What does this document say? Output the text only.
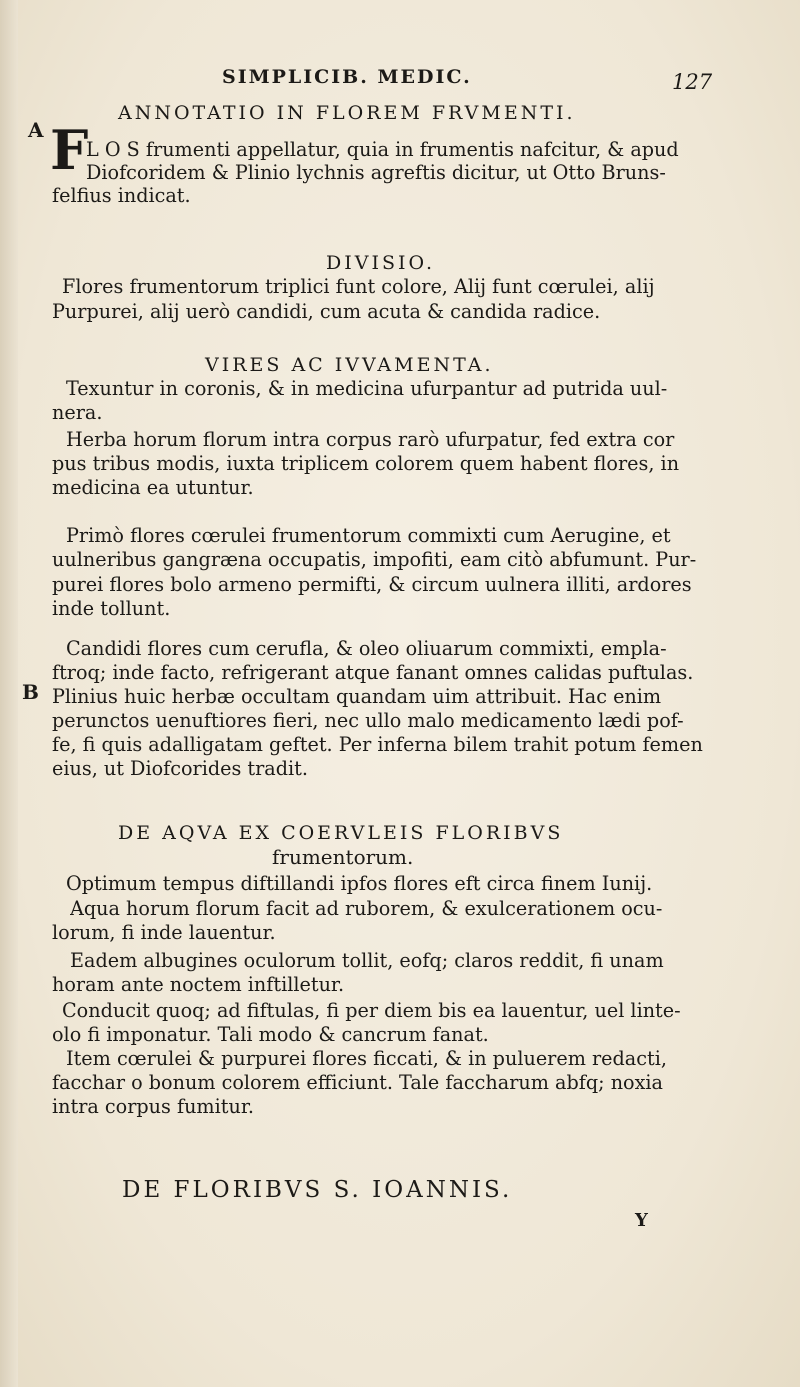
SIMPLICIB. MEDIC.	127
A
B
ANNOTATIO IN FLOREM FRVMENTI.
F
L O S frumenti appellatur, quia in frumentis nafcitur, & apud
Diofcoridem & Plinio lychnis agreftis dicitur, ut Otto Bruns-
felfius indicat.
DIVISIO.
Flores frumentorum triplici funt colore, Alij funt cœrulei, alij
Purpurei, alij uerò candidi, cum acuta & candida radice.
VIRES AC IVVAMENTA.
Texuntur in coronis, & in medicina ufurpantur ad putrida uul-
nera.
Herba horum florum intra corpus rarò ufurpatur, fed extra cor
pus tribus modis, iuxta triplicem colorem quem habent flores, in
medicina ea utuntur.
Primò flores cœrulei frumentorum commixti cum Aerugine, et
uulneribus gangræna occupatis, impofiti, eam citò abfumunt. Pur-
purei flores bolo armeno permifti, & circum uulnera illiti, ardores
inde tollunt.
Candidi flores cum cerufla, & oleo oliuarum commixti, empla-
ftroq; inde facto, refrigerant atque fanant omnes calidas puftulas.
Plinius huic herbæ occultam quandam uim attribuit. Hac enim
perunctos uenuftiores fieri, nec ullo malo medicamento lædi pof-
fe, fi quis adalligatam geftet. Per inferna bilem trahit potum femen
eius, ut Diofcorides tradit.
DE AQVA EX COERVLEIS FLORIBVS
frumentorum.
Optimum tempus diftillandi ipfos flores eft circa finem Iunij.
Aqua horum florum facit ad ruborem, & exulcerationem ocu-
lorum, fi inde lauentur.
Eadem albugines oculorum tollit, eofq; claros reddit, fi unam
horam ante noctem inftilletur.
Conducit quoq; ad fiftulas, fi per diem bis ea lauentur, uel linte-
olo fi imponatur. Tali modo & cancrum fanat.
Item cœrulei & purpurei flores ficcati, & in puluerem redacti,
facchar o bonum colorem efficiunt. Tale faccharum abfq; noxia
intra corpus fumitur.
DE FLORIBVS S. IOANNIS.
Y
